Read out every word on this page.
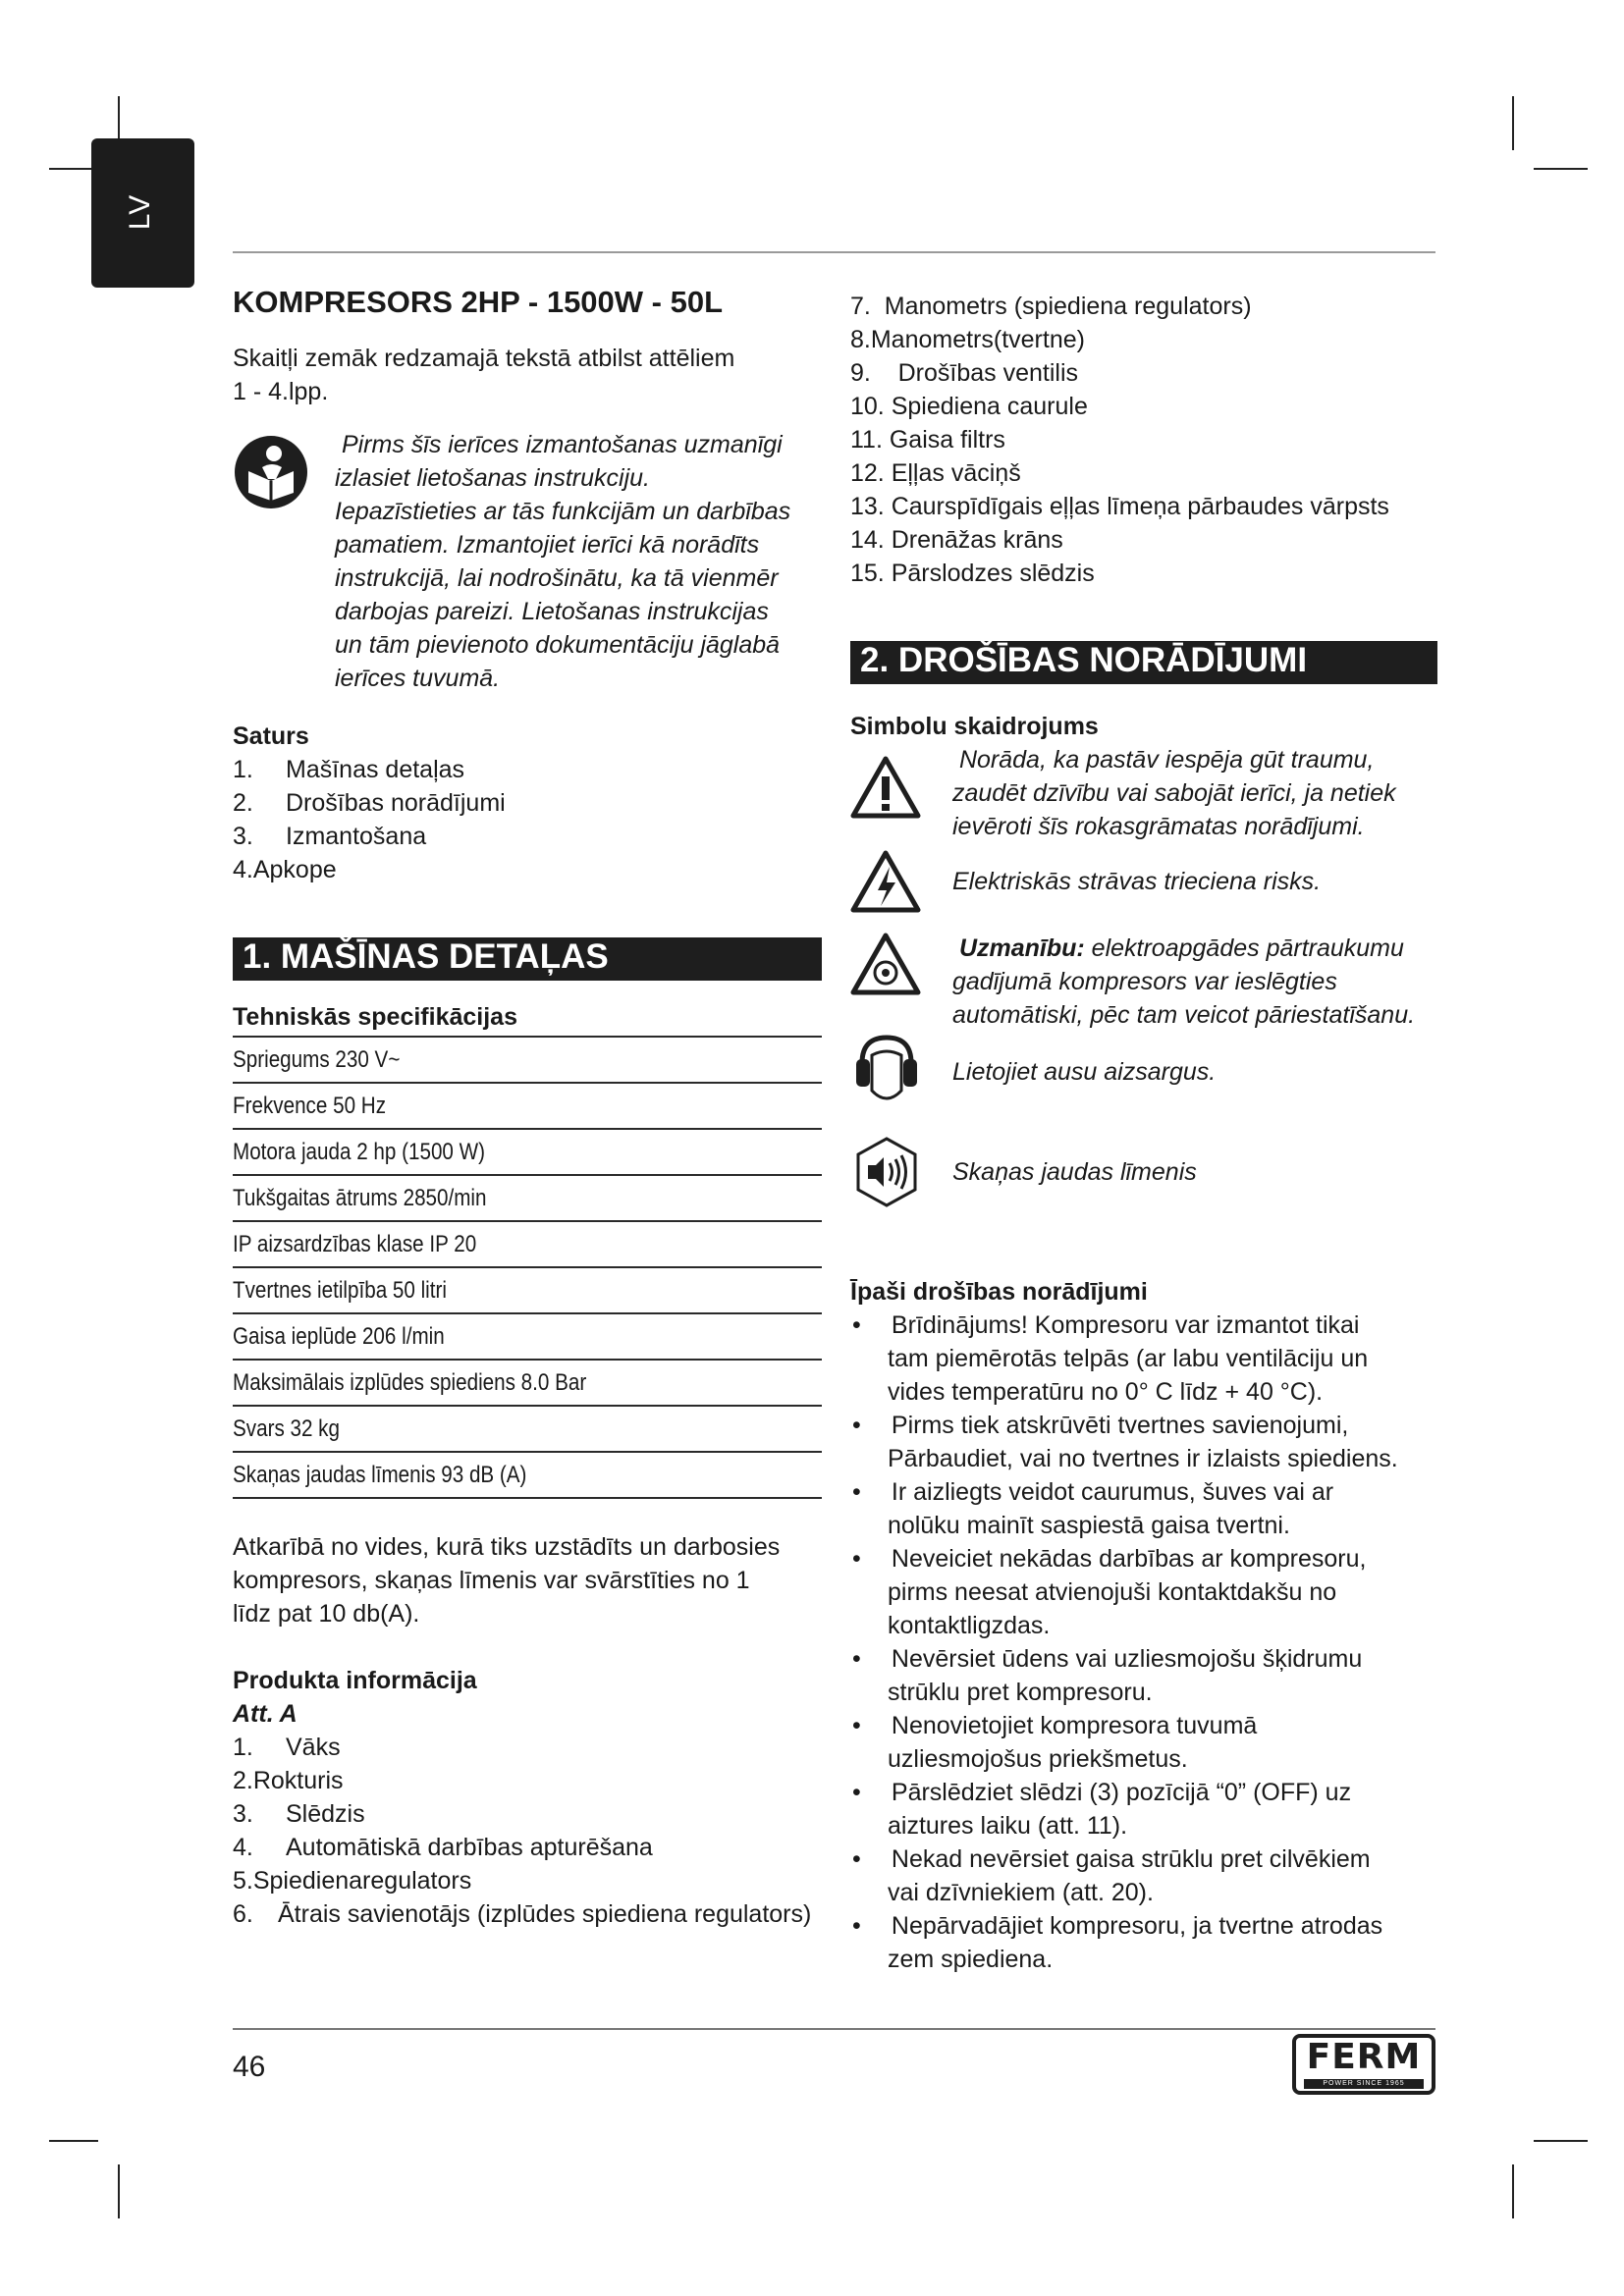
LV
KOMPRESORS 2HP - 1500W - 50L
Skaitļi zemāk redzamajā tekstā atbilst attēliem
1 - 4.lpp.
Pirms šīs ierīces izmantošanas uzmanīgi
izlasiet lietošanas instrukciju.
Iepazīstieties ar tās funkcijām un darbības
pamatiem. Izmantojiet ierīci kā norādīts
instrukcijā, lai nodrošinātu, ka tā vienmēr
darbojas pareizi. Lietošanas instrukcijas
un tām pievienoto dokumentāciju jāglabā
ierīces tuvumā.
Saturs
1. Mašīnas detaļas
2. Drošības norādījumi
3. Izmantošana
4.Apkope
1. MAŠĪNAS DETAĻAS
Tehniskās specifikācijas
Spriegums 230 V~
Frekvence 50 Hz
Motora jauda 2 hp (1500 W)
Tukšgaitas ātrums 2850/min
IP aizsardzības klase IP 20
Tvertnes ietilpība 50 litri
Gaisa ieplūde 206 l/min
Maksimālais izplūdes spiediens 8.0 Bar
Svars 32 kg
Skaņas jaudas līmenis 93 dB (A)
Atkarībā no vides, kurā tiks uzstādīts un darbosies
kompresors, skaņas līmenis var svārstīties no 1
līdz pat 10 db(A).
Produkta informācija
Att. A
1. Vāks
2.Rokturis
3. Slēdzis
4. Automātiskā darbības apturēšana
5.Spiedienaregulators
6. Ātrais savienotājs (izplūdes spiediena regulators)
7.  Manometrs (spiediena regulators)
8.Manometrs(tvertne)
9.    Drošības ventilis
10. Spiediena caurule
11. Gaisa filtrs
12. Eļļas vāciņš
13. Caurspīdīgais eļļas līmeņa pārbaudes vārpsts
14. Drenāžas krāns
15. Pārslodzes slēdzis
2. DROŠĪBAS NORĀDĪJUMI
Simbolu skaidrojums
Norāda, ka pastāv iespēja gūt traumu,
zaudēt dzīvību vai sabojāt ierīci, ja netiek
ievēroti šīs rokasgrāmatas norādījumi.
Elektriskās strāvas trieciena risks.
Uzmanību: elektroapgādes pārtraukumu
gadījumā kompresors var ieslēgties
automātiski, pēc tam veicot pāriestatīšanu.
Lietojiet ausu aizsargus.
Skaņas jaudas līmenis
Īpaši drošības norādījumi
•   Brīdinājums! Kompresoru var izmantot tikai
tam piemērotās telpās (ar labu ventilāciju un
vides temperatūru no 0° C līdz + 40 °C).
•   Pirms tiek atskrūvēti tvertnes savienojumi,
Pārbaudiet, vai no tvertnes ir izlaists spiediens.
•   Ir aizliegts veidot caurumus, šuves vai ar
nolūku mainīt saspiestā gaisa tvertni.
•   Neveiciet nekādas darbības ar kompresoru,
pirms neesat atvienojuši kontaktdakšu no
kontaktligzdas.
•   Nevērsiet ūdens vai uzliesmojošu šķidrumu
strūklu pret kompresoru.
•   Nenovietojiet kompresora tuvumā
uzliesmojošus priekšmetus.
•   Pārslēdziet slēdzi (3) pozīcijā “0” (OFF) uz
aiztures laiku (att. 11).
•   Nekad nevērsiet gaisa strūklu pret cilvēkiem
vai dzīvniekiem (att. 20).
•   Nepārvadājiet kompresoru, ja tvertne atrodas
zem spiediena.
46	FERM
POWER SINCE 1965
